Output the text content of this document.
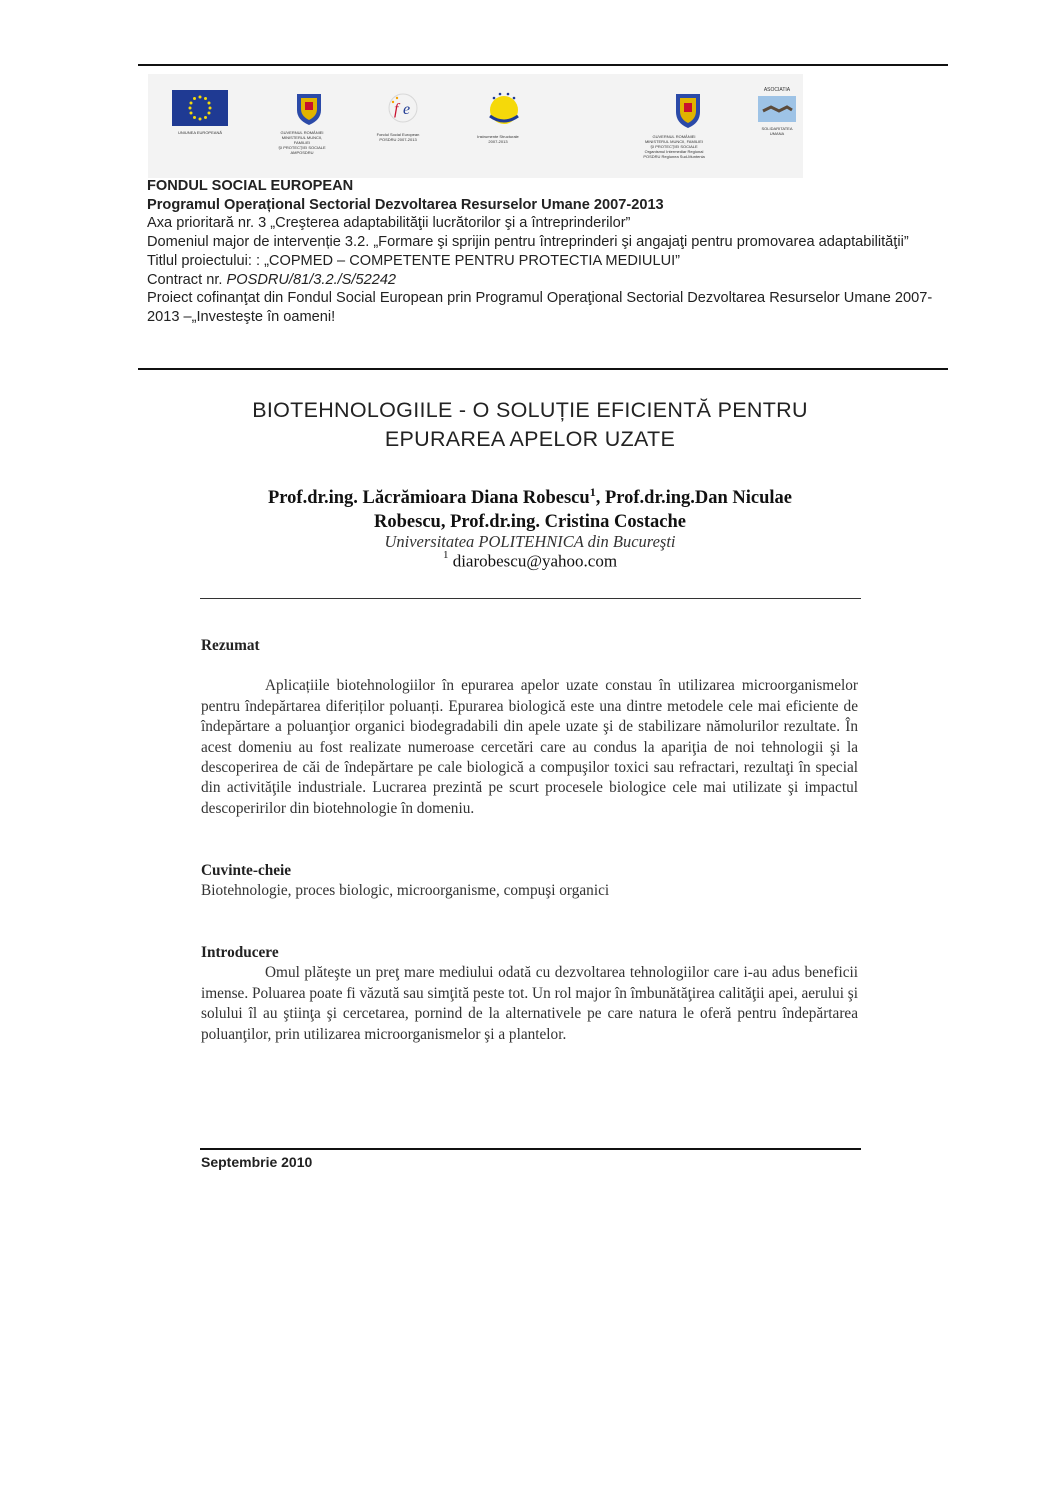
UNIUNEA EUROPEANĂ	GUVERNUL ROMÂNIEI
MINISTERUL MUNCII, FAMILIEI
ŞI PROTECŢIEI SOCIALE
AMPOSDRU
f e
Fondul Social European
POSDRU 2007-2013
Instrumente Structurale
2007-2013
GUVERNUL ROMÂNIEI
MINISTERUL MUNCII, FAMILIEI
ŞI PROTECŢIEI SOCIALE
Organismul Intermediar Regional
POSDRU Regiunea Sud-Muntenia
ASOCIATIA
SOLIDARITATEA
UMANA
FONDUL SOCIAL EUROPEAN
Programul Operațional Sectorial Dezvoltarea Resurselor Umane 2007-2013
Axa prioritară nr. 3 „Creşterea adaptabilităţii lucrătorilor şi a întreprinderilor”
Domeniul major de intervenție 3.2. „Formare şi sprijin pentru întreprinderi şi angajaţi pentru promovarea adaptabilităţii”
Titlul proiectului: : „COPMED – COMPETENTE PENTRU PROTECTIA MEDIULUI”
Contract nr. POSDRU/81/3.2./S/52242
Proiect cofinanţat din Fondul Social European prin Programul Operaţional Sectorial Dezvoltarea Resurselor Umane 2007-2013 –„Investeşte în oameni!
BIOTEHNOLOGIILE - O SOLUȚIE EFICIENTĂ PENTRU
EPURAREA APELOR UZATE
Prof.dr.ing. Lăcrămioara Diana Robescu$^1$, Prof.dr.ing.Dan Niculae
Robescu, Prof.dr.ing. Cristina Costache
Universitatea POLITEHNICA din Bucureşti
$^1$ diarobescu@yahoo.com
Rezumat
Aplicațiile biotehnologiilor în epurarea apelor uzate constau în utilizarea microorganismelor pentru îndepărtarea diferiților poluanți. Epurarea biologică este una dintre metodele cele mai eficiente de îndepărtare a poluanţior organici biodegradabili din apele uzate şi de stabilizare nămolurilor rezultate. În acest domeniu au fost realizate numeroase cercetări care au condus la apariţia de noi tehnologii şi la descoperirea de căi de îndepărtare pe cale biologică a compuşilor toxici sau refractari, rezultaţi în special din activităţile industriale. Lucrarea prezintă pe scurt procesele biologice cele mai utilizate şi impactul descoperirilor din biotehnologie în domeniu.
Cuvinte-cheie
Biotehnologie, proces biologic, microorganisme, compuşi organici
Introducere
Omul plăteşte un preţ mare mediului odată cu dezvoltarea tehnologiilor care i-au adus beneficii imense. Poluarea poate fi văzută sau simţită peste tot. Un rol major în îmbunătăţirea calităţii apei, aerului şi solului îl au ştiinţa şi cercetarea, pornind de la alternativele pe care natura le oferă pentru îndepărtarea poluanţilor, prin utilizarea microorganismelor şi a plantelor.
Septembrie 2010
